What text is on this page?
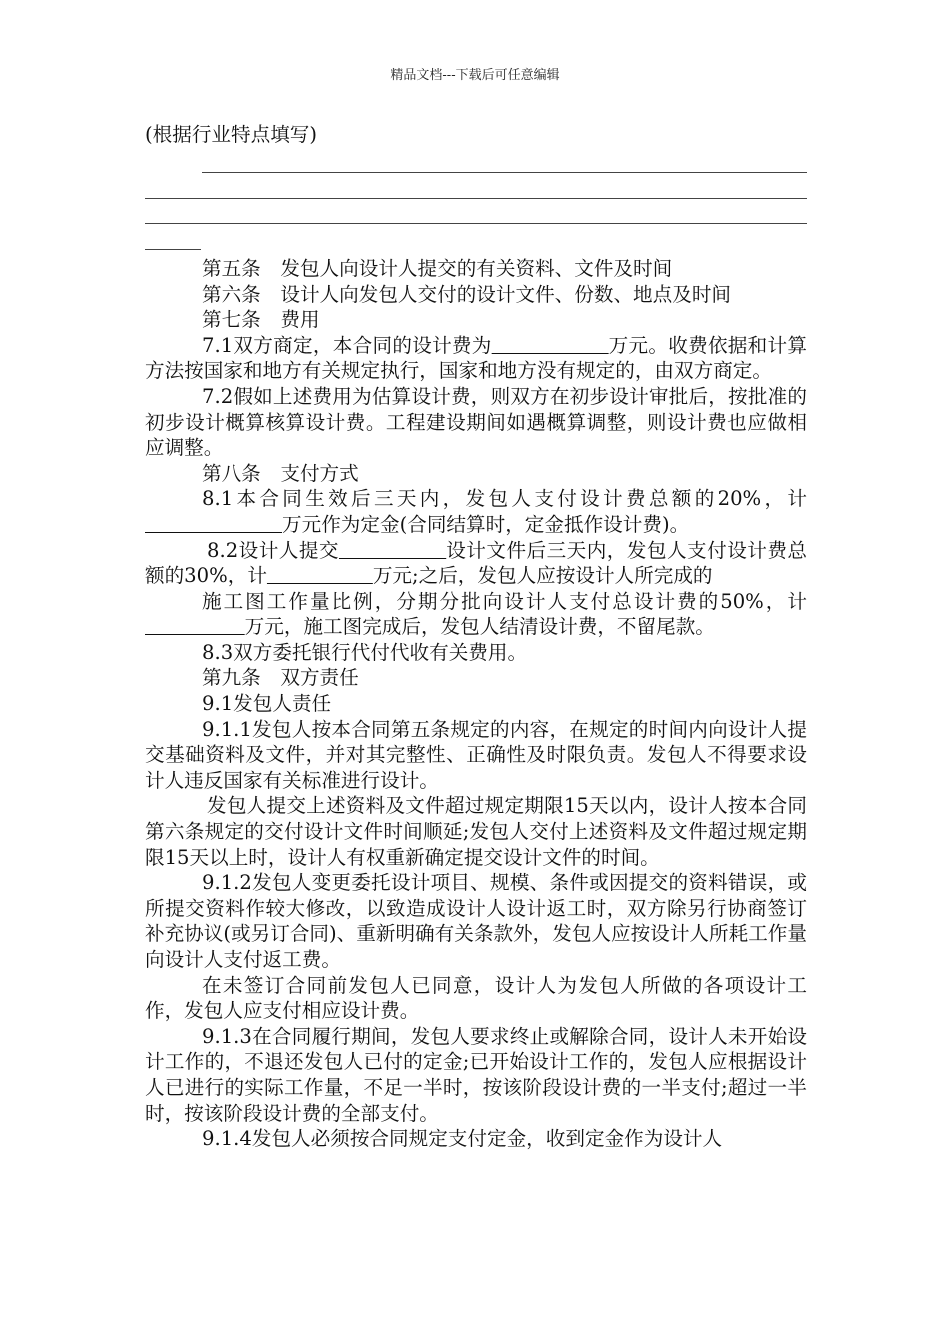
精品文档---下载后可任意编辑

(根据行业特点填写)

第五条　发包人向设计人提交的有关资料、文件及时间

第六条　设计人向发包人交付的设计文件、份数、地点及时间

第七条　费用

7.1双方商定，本合同的设计费为	万元。收费依据和计算方法按国家和地方有关规定执行，国家和地方没有规定的，由双方商定。

7.2假如上述费用为估算设计费，则双方在初步设计审批后，按批准的初步设计概算核算设计费。工程建设期间如遇概算调整，则设计费也应做相应调整。

第八条　支付方式

8.1本合同生效后三天内，发包人支付设计费总额的20%，计                      万元作为定金(合同结算时，定金抵作设计费)。

8.2设计人提交	设计文件后三天内，发包人支付设计费总额的30%，计	万元;之后，发包人应按设计人所完成的

施工图工作量比例，分期分批向设计人支付总设计费的50%，计                万元，施工图完成后，发包人结清设计费，不留尾款。

8.3双方委托银行代付代收有关费用。

第九条　双方责任

9.1发包人责任

9.1.1发包人按本合同第五条规定的内容，在规定的时间内向设计人提交基础资料及文件，并对其完整性、正确性及时限负责。发包人不得要求设计人违反国家有关标准进行设计。

发包人提交上述资料及文件超过规定期限15天以内，设计人按本合同第六条规定的交付设计文件时间顺延;发包人交付上述资料及文件超过规定期限15天以上时，设计人有权重新确定提交设计文件的时间。

9.1.2发包人变更委托设计项目、规模、条件或因提交的资料错误，或所提交资料作较大修改，以致造成设计人设计返工时，双方除另行协商签订补充协议(或另订合同)、重新明确有关条款外，发包人应按设计人所耗工作量向设计人支付返工费。

在未签订合同前发包人已同意，设计人为发包人所做的各项设计工作，发包人应支付相应设计费。

9.1.3在合同履行期间，发包人要求终止或解除合同，设计人未开始设计工作的，不退还发包人已付的定金;已开始设计工作的，发包人应根据设计人已进行的实际工作量，不足一半时，按该阶段设计费的一半支付;超过一半时，按该阶段设计费的全部支付。

9.1.4发包人必须按合同规定支付定金，收到定金作为设计人
